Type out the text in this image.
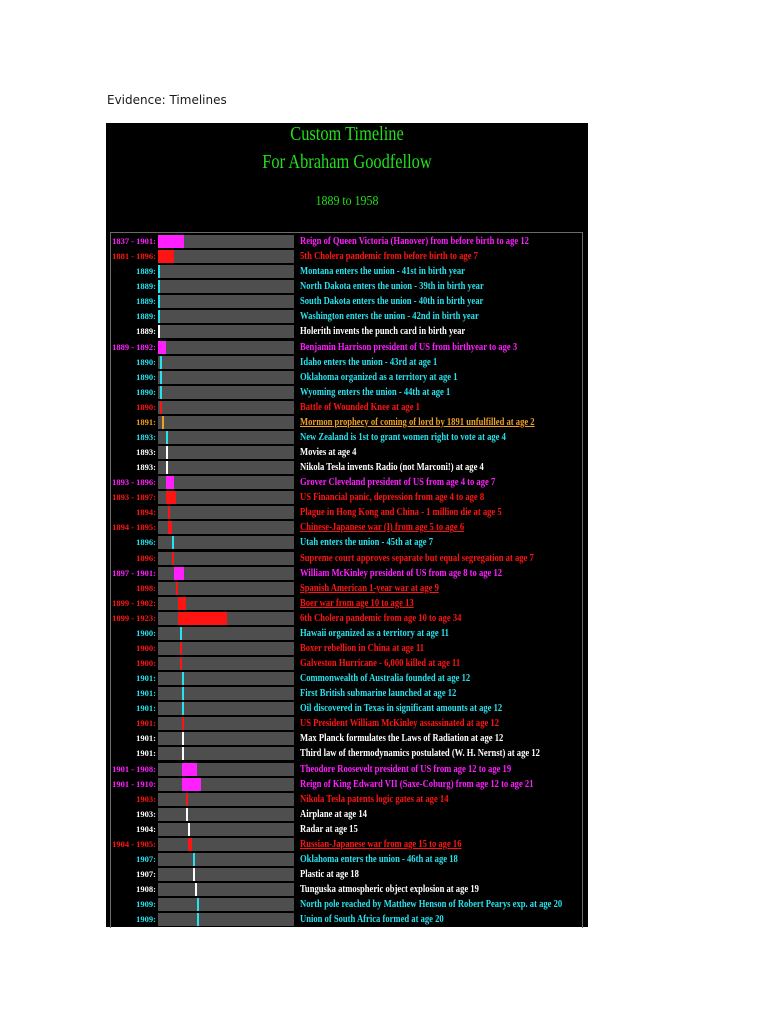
Evidence: Timelines
Custom Timeline
For Abraham Goodfellow
1889 to 1958
1837 - 1901:	Reign of Queen Victoria (Hanover) from before birth to age 12
1881 - 1896:	5th Cholera pandemic from before birth to age 7
1889:	Montana enters the union - 41st in birth year
1889:	North Dakota enters the union - 39th in birth year
1889:	South Dakota enters the union - 40th in birth year
1889:	Washington enters the union - 42nd in birth year
1889:	Holerith invents the punch card in birth year
1889 - 1892:	Benjamin Harrison president of US from birthyear to age 3
1890:	Idaho enters the union - 43rd at age 1
1890:	Oklahoma organized as a territory at age 1
1890:	Wyoming enters the union - 44th at age 1
1890:	Battle of Wounded Knee at age 1
1891:	Mormon prophecy of coming of lord by 1891 unfulfilled at age 2
1893:	New Zealand is 1st to grant women right to vote at age 4
1893:	Movies at age 4
1893:	Nikola Tesla invents Radio (not Marconi!) at age 4
1893 - 1896:	Grover Cleveland president of US from age 4 to age 7
1893 - 1897:	US Financial panic, depression from age 4 to age 8
1894:	Plague in Hong Kong and China - 1 million die at age 5
1894 - 1895:	Chinese-Japanese war (I) from age 5 to age 6
1896:	Utah enters the union - 45th at age 7
1896:	Supreme court approves separate but equal segregation at age 7
1897 - 1901:	William McKinley president of US from age 8 to age 12
1898:	Spanish American 1-year war at age 9
1899 - 1902:	Boer war from age 10 to age 13
1899 - 1923:	6th Cholera pandemic from age 10 to age 34
1900:	Hawaii organized as a territory at age 11
1900:	Boxer rebellion in China at age 11
1900:	Galveston Hurricane - 6,000 killed at age 11
1901:	Commonwealth of Australia founded at age 12
1901:	First British submarine launched at age 12
1901:	Oil discovered in Texas in significant amounts at age 12
1901:	US President William McKinley assassinated at age 12
1901:	Max Planck formulates the Laws of Radiation at age 12
1901:	Third law of thermodynamics postulated (W. H. Nernst) at age 12
1901 - 1908:	Theodore Roosevelt president of US from age 12 to age 19
1901 - 1910:	Reign of King Edward VII (Saxe-Coburg) from age 12 to age 21
1903:	Nikola Tesla patents logic gates at age 14
1903:	Airplane at age 14
1904:	Radar at age 15
1904 - 1905:	Russian-Japanese war from age 15 to age 16
1907:	Oklahoma enters the union - 46th at age 18
1907:	Plastic at age 18
1908:	Tunguska atmospheric object explosion at age 19
1909:	North pole reached by Matthew Henson of Robert Pearys exp. at age 20
1909:	Union of South Africa formed at age 20
